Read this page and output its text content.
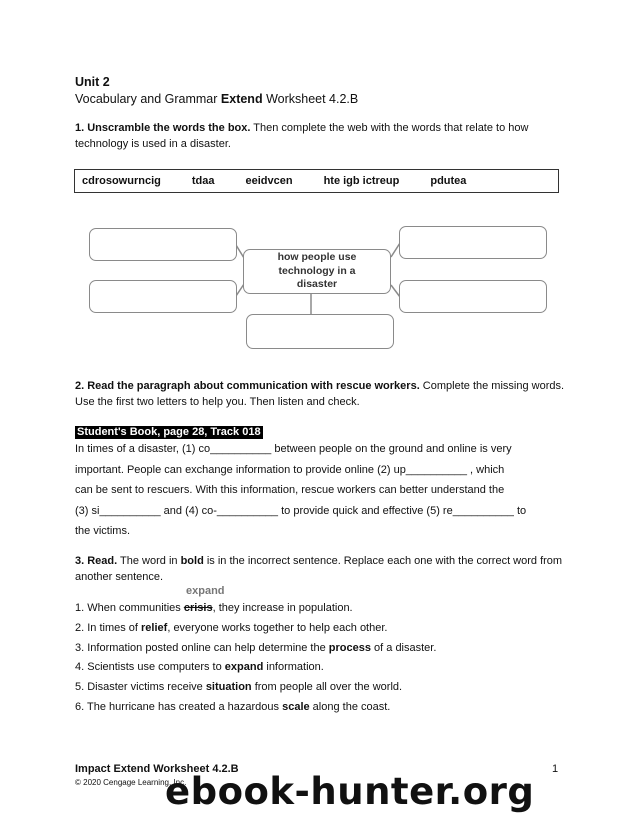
Unit 2
Vocabulary and Grammar Extend Worksheet 4.2.B
1. Unscramble the words the box. Then complete the web with the words that relate to how technology is used in a disaster.
cdrosowurncig	tdaa	eeidvcen	hte igb ictreup	pdutea
how people use technology in a disaster
2. Read the paragraph about communication with rescue workers. Complete the missing words. Use the first two letters to help you. Then listen and check.
Student's Book, page 28, Track 018
In times of a disaster, (1) co__________ between people on the ground and online is very
important. People can exchange information to provide online (2) up__________ , which
can be sent to rescuers. With this information, rescue workers can better understand the
(3) si__________ and (4) co-__________ to provide quick and effective (5) re__________ to
the victims.
3. Read. The word in bold is in the incorrect sentence. Replace each one with the correct word from another sentence.
expand
1. When communities crisis, they increase in population.
2. In times of relief, everyone works together to help each other.
3. Information posted online can help determine the process of a disaster.
4. Scientists use computers to expand information.
5. Disaster victims receive situation from people all over the world.
6. The hurricane has created a hazardous scale along the coast.
Impact Extend Worksheet 4.2.B
© 2020 Cengage Learning, Inc.
1
ebook-hunter.org
